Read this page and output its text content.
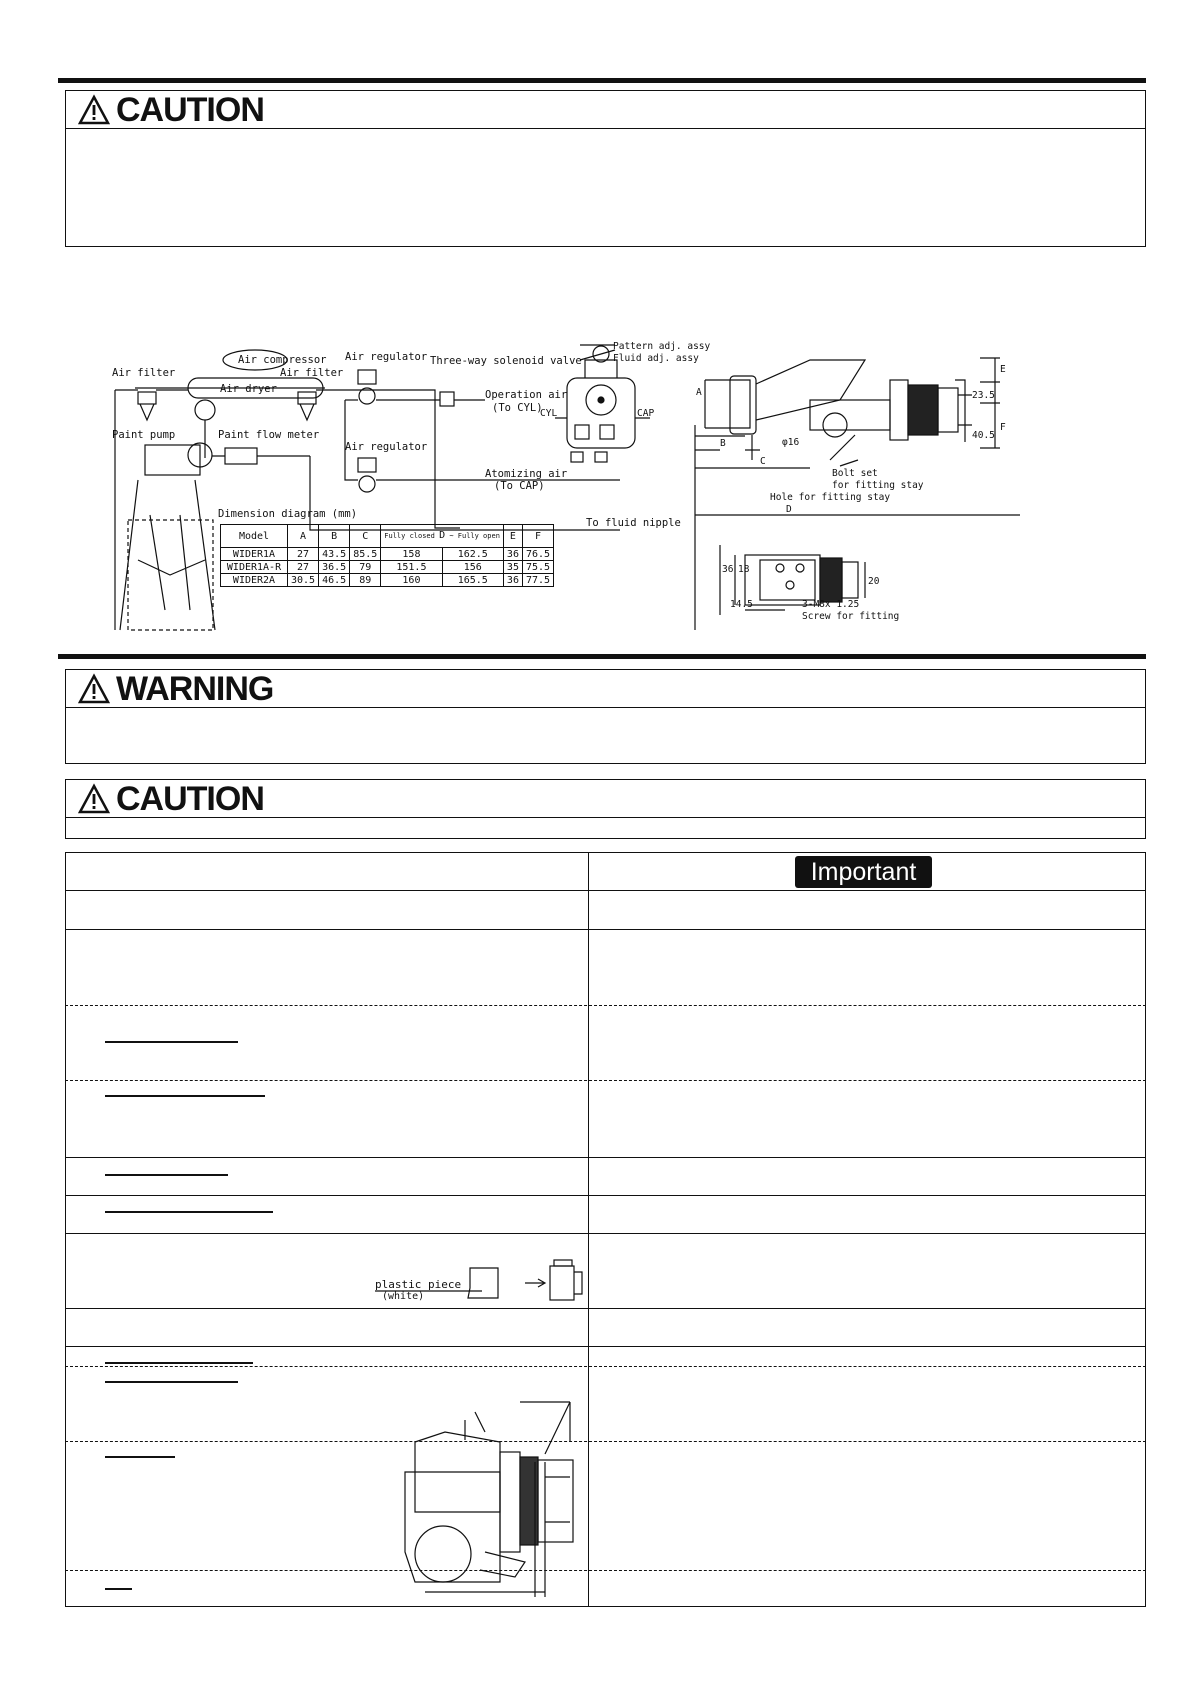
CAUTION
Air compressor
Air dryer
Air filter	Air filter
Air regulator
Air regulator
Three-way solenoid valve
Operation air
(To CYL)
Atomizing air
(To CAP)
To fluid nipple
Paint pump	Paint flow meter
Pattern adj. assy
Fluid adj. assy
CYL	CAP
A
B
C
D
E
F
23.5
40.5
φ16
Bolt set
for fitting stay
Hole for fitting stay
36 18
20
14.5	3-M8x 1.25
Screw for fitting
Dimension diagram (mm)
Model	A	B	C	Fully closed D ~ Fully open		E	F
WIDER1A	27	43.5	85.5	158	162.5	36	76.5
WIDER1A-R	27	36.5	79	151.5	156	35	75.5
WIDER2A	30.5	46.5	89	160	165.5	36	77.5
WARNING
CAUTION
Important
plastic piece
(white)
